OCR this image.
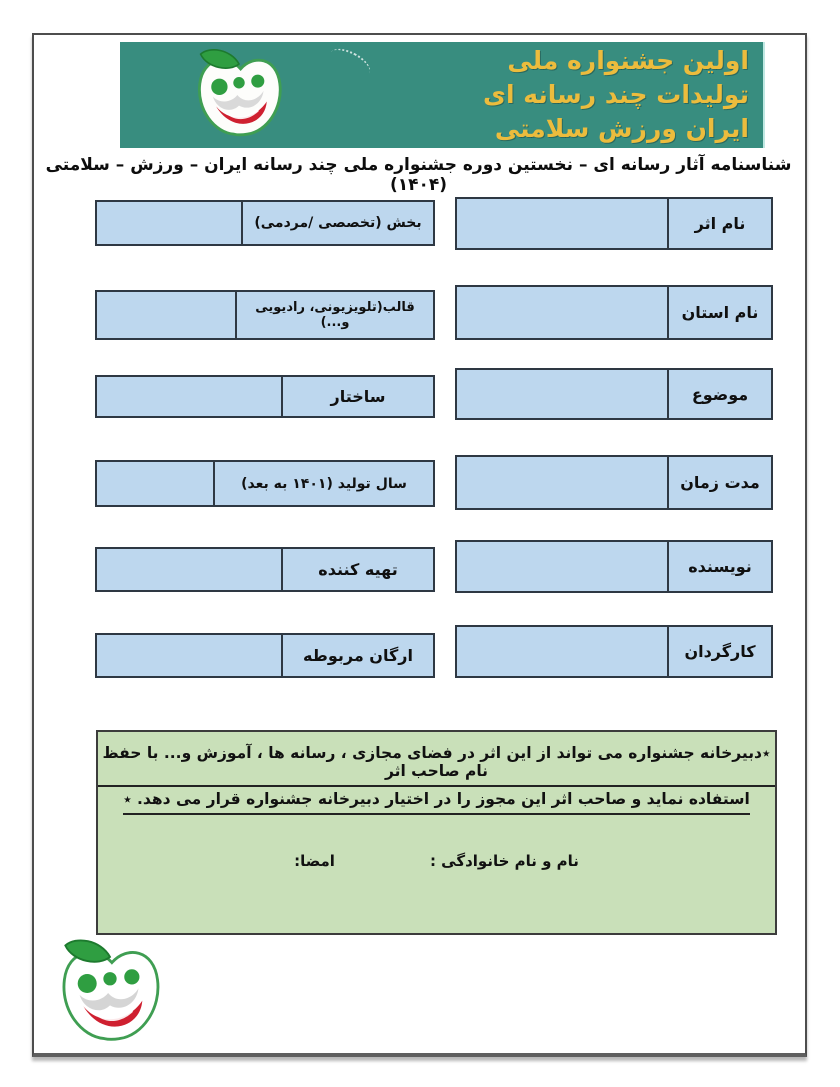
اولین جشنواره ملی
تولیدات چند رسانه ای
ایران ورزش سلامتی
شناسنامه آثار رسانه ای – نخستین دوره جشنواره ملی چند رسانه ایران – ورزش – سلامتی (۱۴۰۴)
نام اثر
نام استان
موضوع
مدت زمان
نویسنده
کارگردان
بخش (تخصصی /مردمی)
قالب(تلویزیونی، رادیویی و...)
ساختار
سال تولید (۱۴۰۱ به بعد)
تهیه کننده
ارگان مربوطه
٭دبیرخانه جشنواره می تواند از این اثر در فضای مجازی ، رسانه ها ، آموزش و... با حفظ نام صاحب اثر
استفاده نماید و صاحب اثر این مجوز را در اختیار دبیرخانه جشنواره قرار می دهد. ٭
نام و نام خانوادگی :
امضا:
